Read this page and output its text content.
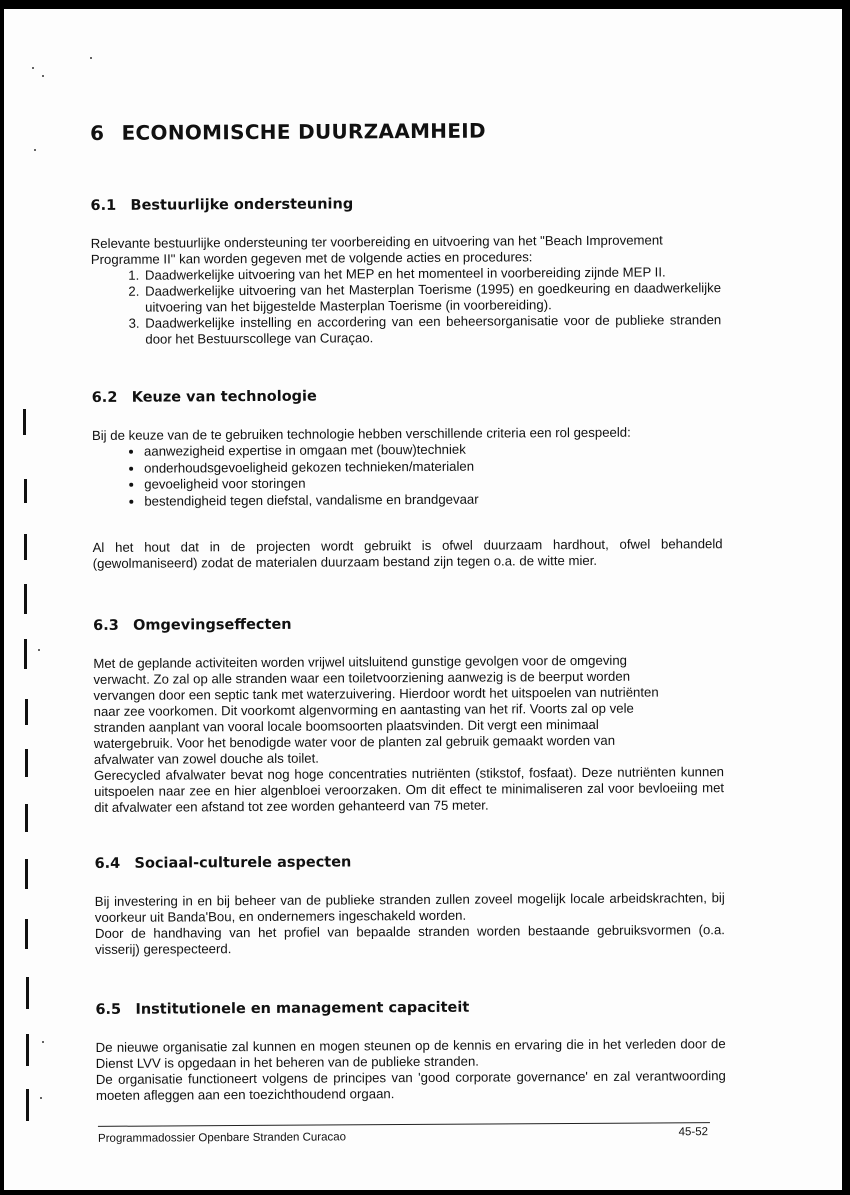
6 ECONOMISCHE DUURZAAMHEID
6.1 Bestuurlijke ondersteuning

Relevante bestuurlijke ondersteuning ter voorbereiding en uitvoering van het "Beach Improvement Programme II" kan worden gegeven met de volgende acties en procedures:

1. Daadwerkelijke uitvoering van het MEP en het momenteel in voorbereiding zijnde MEP II.
2. Daadwerkelijke uitvoering van het Masterplan Toerisme (1995) en goedkeuring en daadwerkelijke uitvoering van het bijgestelde Masterplan Toerisme (in voorbereiding).
3. Daadwerkelijke instelling en accordering van een beheersorganisatie voor de publieke stranden door het Bestuurscollege van Curaçao.
6.2 Keuze van technologie

Bij de keuze van de te gebruiken technologie hebben verschillende criteria een rol gespeeld:

• aanwezigheid expertise in omgaan met (bouw)techniek
• onderhoudsgevoeligheid gekozen technieken/materialen
• gevoeligheid voor storingen
• bestendigheid tegen diefstal, vandalisme en brandgevaar

Al het hout dat in de projecten wordt gebruikt is ofwel duurzaam hardhout, ofwel behandeld (gewolmaniseerd) zodat de materialen duurzaam bestand zijn tegen o.a. de witte mier.

6.3 Omgevingseffecten

Met de geplande activiteiten worden vrijwel uitsluitend gunstige gevolgen voor de omgeving
verwacht. Zo zal op alle stranden waar een toiletvoorziening aanwezig is de beerput worden
vervangen door een septic tank met waterzuivering. Hierdoor wordt het uitspoelen van nutriënten
naar zee voorkomen. Dit voorkomt algenvorming en aantasting van het rif. Voorts zal op vele
stranden aanplant van vooral locale boomsoorten plaatsvinden. Dit vergt een minimaal
watergebruik. Voor het benodigde water voor de planten zal gebruik gemaakt worden van
afvalwater van zowel douche als toilet.

Gerecycled afvalwater bevat nog hoge concentraties nutriënten (stikstof, fosfaat). Deze nutriënten kunnen uitspoelen naar zee en hier algenbloei veroorzaken. Om dit effect te minimaliseren zal voor bevloeiing met dit afvalwater een afstand tot zee worden gehanteerd van 75 meter.

6.4 Sociaal-culturele aspecten

Bij investering in en bij beheer van de publieke stranden zullen zoveel mogelijk locale arbeidskrachten, bij voorkeur uit Banda'Bou, en ondernemers ingeschakeld worden.

Door de handhaving van het profiel van bepaalde stranden worden bestaande gebruiksvormen (o.a. visserij) gerespecteerd.

6.5 Institutionele en management capaciteit

De nieuwe organisatie zal kunnen en mogen steunen op de kennis en ervaring die in het verleden door de Dienst LVV is opgedaan in het beheren van de publieke stranden.

De organisatie functioneert volgens de principes van 'good corporate governance' en zal verantwoording moeten afleggen aan een toezichthoudend orgaan.

Programmadossier Openbare Stranden Curacao	45-52
